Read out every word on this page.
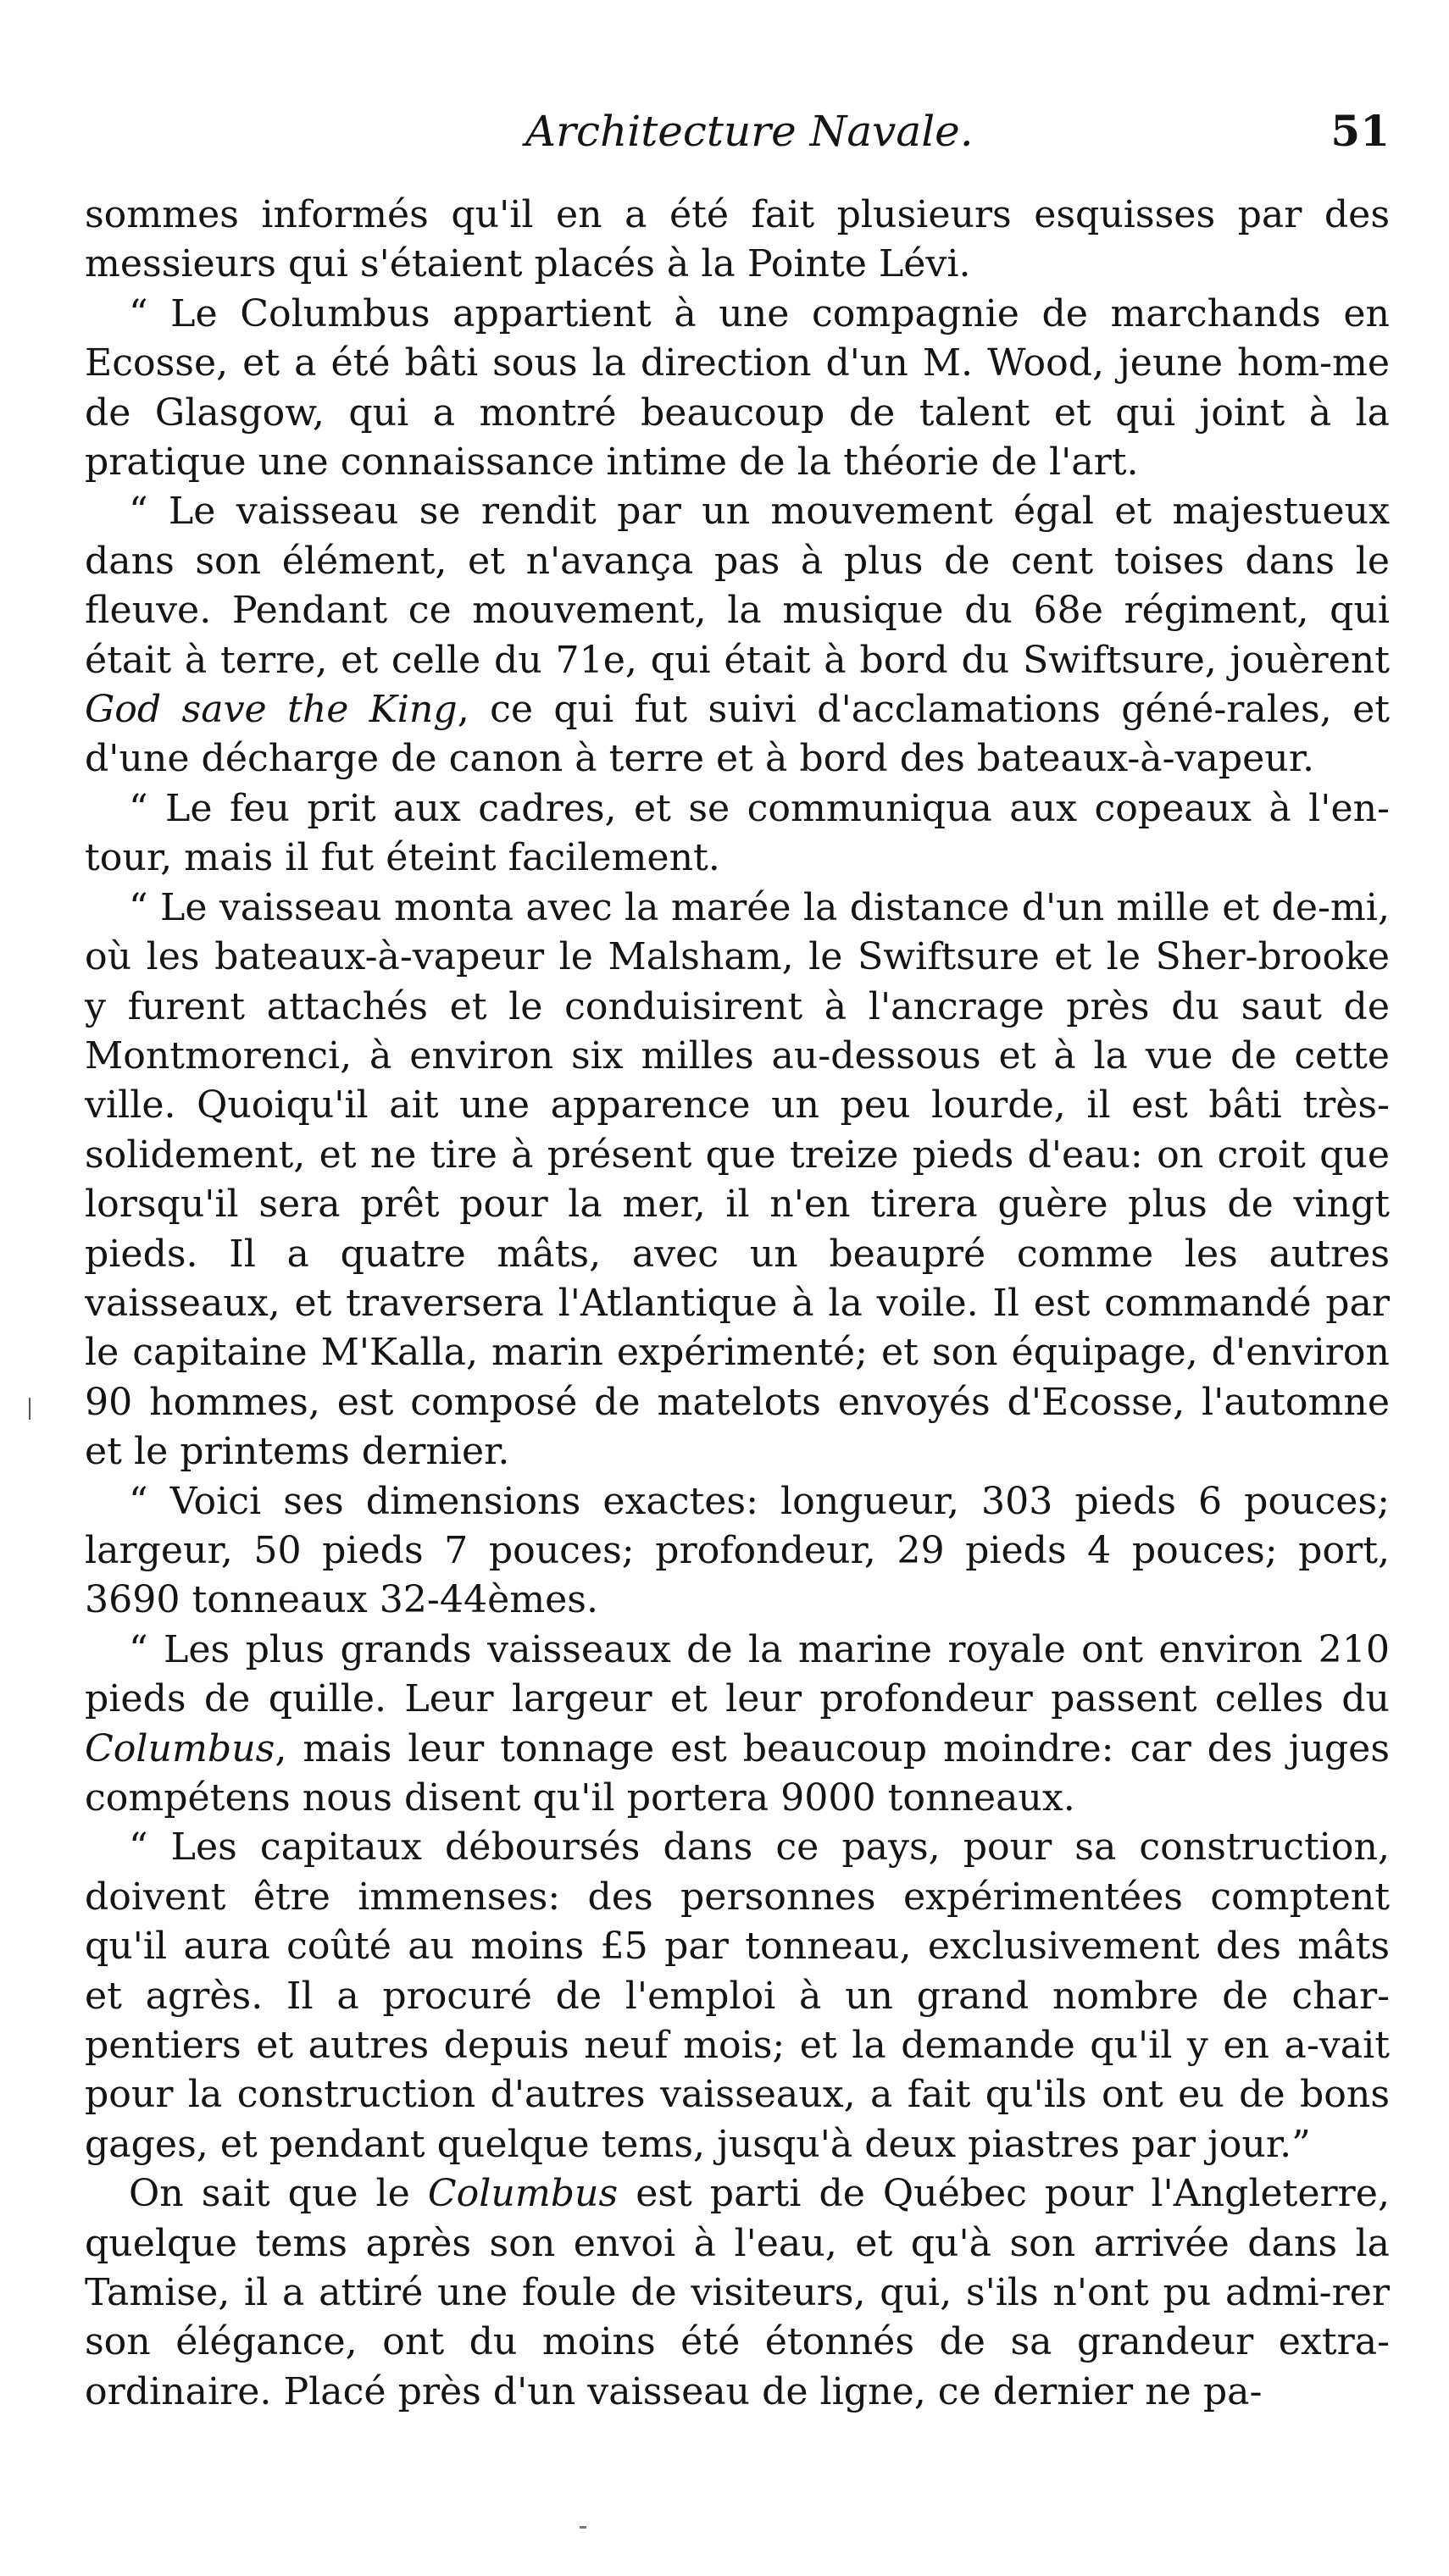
Architecture Navale.	51

sommes informés qu'il en a été fait plusieurs esquisses par des messieurs qui s'étaient placés à la Pointe Lévi.

“ Le Columbus appartient à une compagnie de marchands en Ecosse, et a été bâti sous la direction d'un M. Wood, jeune hom-me de Glasgow, qui a montré beaucoup de talent et qui joint à la pratique une connaissance intime de la théorie de l'art.

“ Le vaisseau se rendit par un mouvement égal et majestueux dans son élément, et n'avança pas à plus de cent toises dans le fleuve. Pendant ce mouvement, la musique du 68e régiment, qui était à terre, et celle du 71e, qui était à bord du Swiftsure, jouèrent God save the King, ce qui fut suivi d'acclamations géné-rales, et d'une décharge de canon à terre et à bord des bateaux-à-vapeur.

“ Le feu prit aux cadres, et se communiqua aux copeaux à l'en-tour, mais il fut éteint facilement.

“ Le vaisseau monta avec la marée la distance d'un mille et de-mi, où les bateaux-à-vapeur le Malsham, le Swiftsure et le Sher-brooke y furent attachés et le conduisirent à l'ancrage près du saut de Montmorenci, à environ six milles au-dessous et à la vue de cette ville. Quoiqu'il ait une apparence un peu lourde, il est bâti très-solidement, et ne tire à présent que treize pieds d'eau: on croit que lorsqu'il sera prêt pour la mer, il n'en tirera guère plus de vingt pieds. Il a quatre mâts, avec un beaupré comme les autres vaisseaux, et traversera l'Atlantique à la voile. Il est commandé par le capitaine M'Kalla, marin expérimenté; et son équipage, d'environ 90 hommes, est composé de matelots envoyés d'Ecosse, l'automne et le printems dernier.

“ Voici ses dimensions exactes: longueur, 303 pieds 6 pouces; largeur, 50 pieds 7 pouces; profondeur, 29 pieds 4 pouces; port, 3690 tonneaux 32-44èmes.

“ Les plus grands vaisseaux de la marine royale ont environ 210 pieds de quille. Leur largeur et leur profondeur passent celles du Columbus, mais leur tonnage est beaucoup moindre: car des juges compétens nous disent qu'il portera 9000 tonneaux.

“ Les capitaux déboursés dans ce pays, pour sa construction, doivent être immenses: des personnes expérimentées comptent qu'il aura coûté au moins £5 par tonneau, exclusivement des mâts et agrès. Il a procuré de l'emploi à un grand nombre de char-pentiers et autres depuis neuf mois; et la demande qu'il y en a-vait pour la construction d'autres vaisseaux, a fait qu'ils ont eu de bons gages, et pendant quelque tems, jusqu'à deux piastres par jour.”

On sait que le Columbus est parti de Québec pour l'Angleterre, quelque tems après son envoi à l'eau, et qu'à son arrivée dans la Tamise, il a attiré une foule de visiteurs, qui, s'ils n'ont pu admi-rer son élégance, ont du moins été étonnés de sa grandeur extra-ordinaire. Placé près d'un vaisseau de ligne, ce dernier ne pa-
